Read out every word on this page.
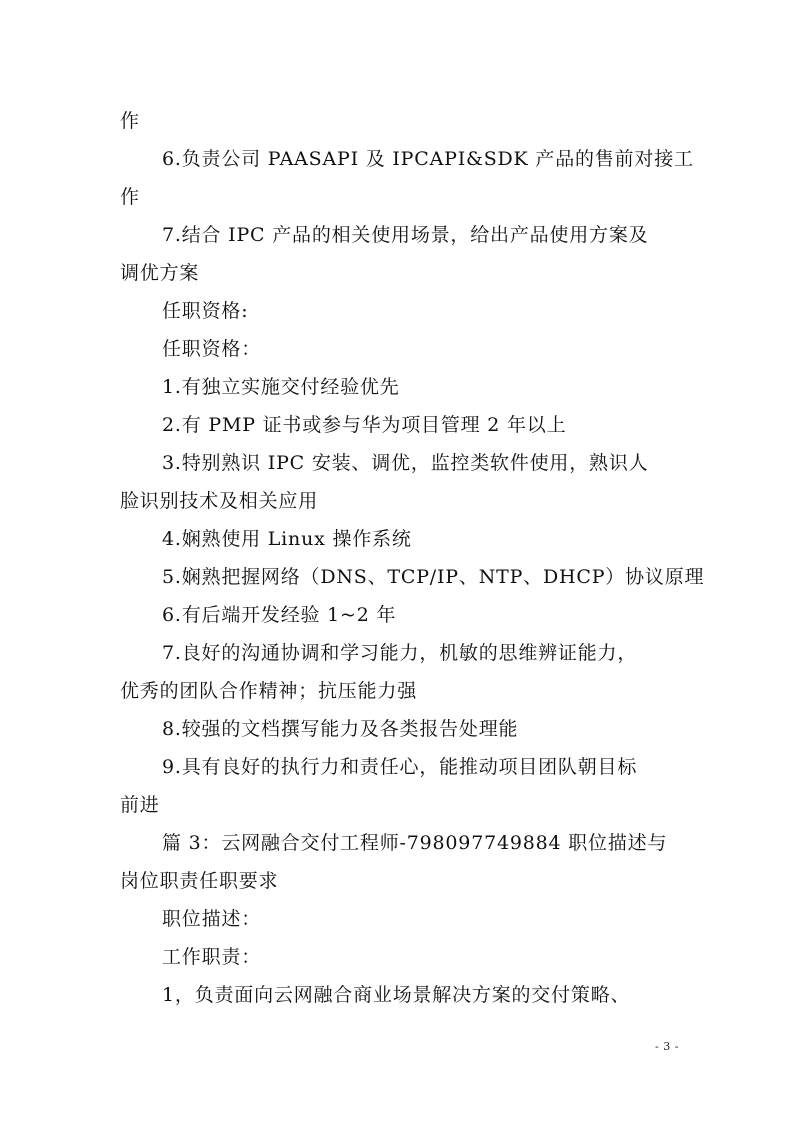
作
6.负责公司 PAASAPI 及 IPCAPI&SDK 产品的售前对接工
作
7.结合 IPC 产品的相关使用场景，给出产品使用方案及
调优方案
任职资格:
任职资格：
1.有独立实施交付经验优先
2.有 PMP 证书或参与华为项目管理 2 年以上
3.特别熟识 IPC 安装、调优，监控类软件使用，熟识人
脸识别技术及相关应用
4.娴熟使用 Linux 操作系统
5.娴熟把握网络（DNS、TCP/IP、NTP、DHCP）协议原理
6.有后端开发经验 1~2 年
7.良好的沟通协调和学习能力，机敏的思维辨证能力，
优秀的团队合作精神；抗压能力强
8.较强的文档撰写能力及各类报告处理能
9.具有良好的执行力和责任心，能推动项目团队朝目标
前进
篇 3：云网融合交付工程师-798097749884 职位描述与
岗位职责任职要求
职位描述：
工作职责：
1，负责面向云网融合商业场景解决方案的交付策略、
- 3 -
